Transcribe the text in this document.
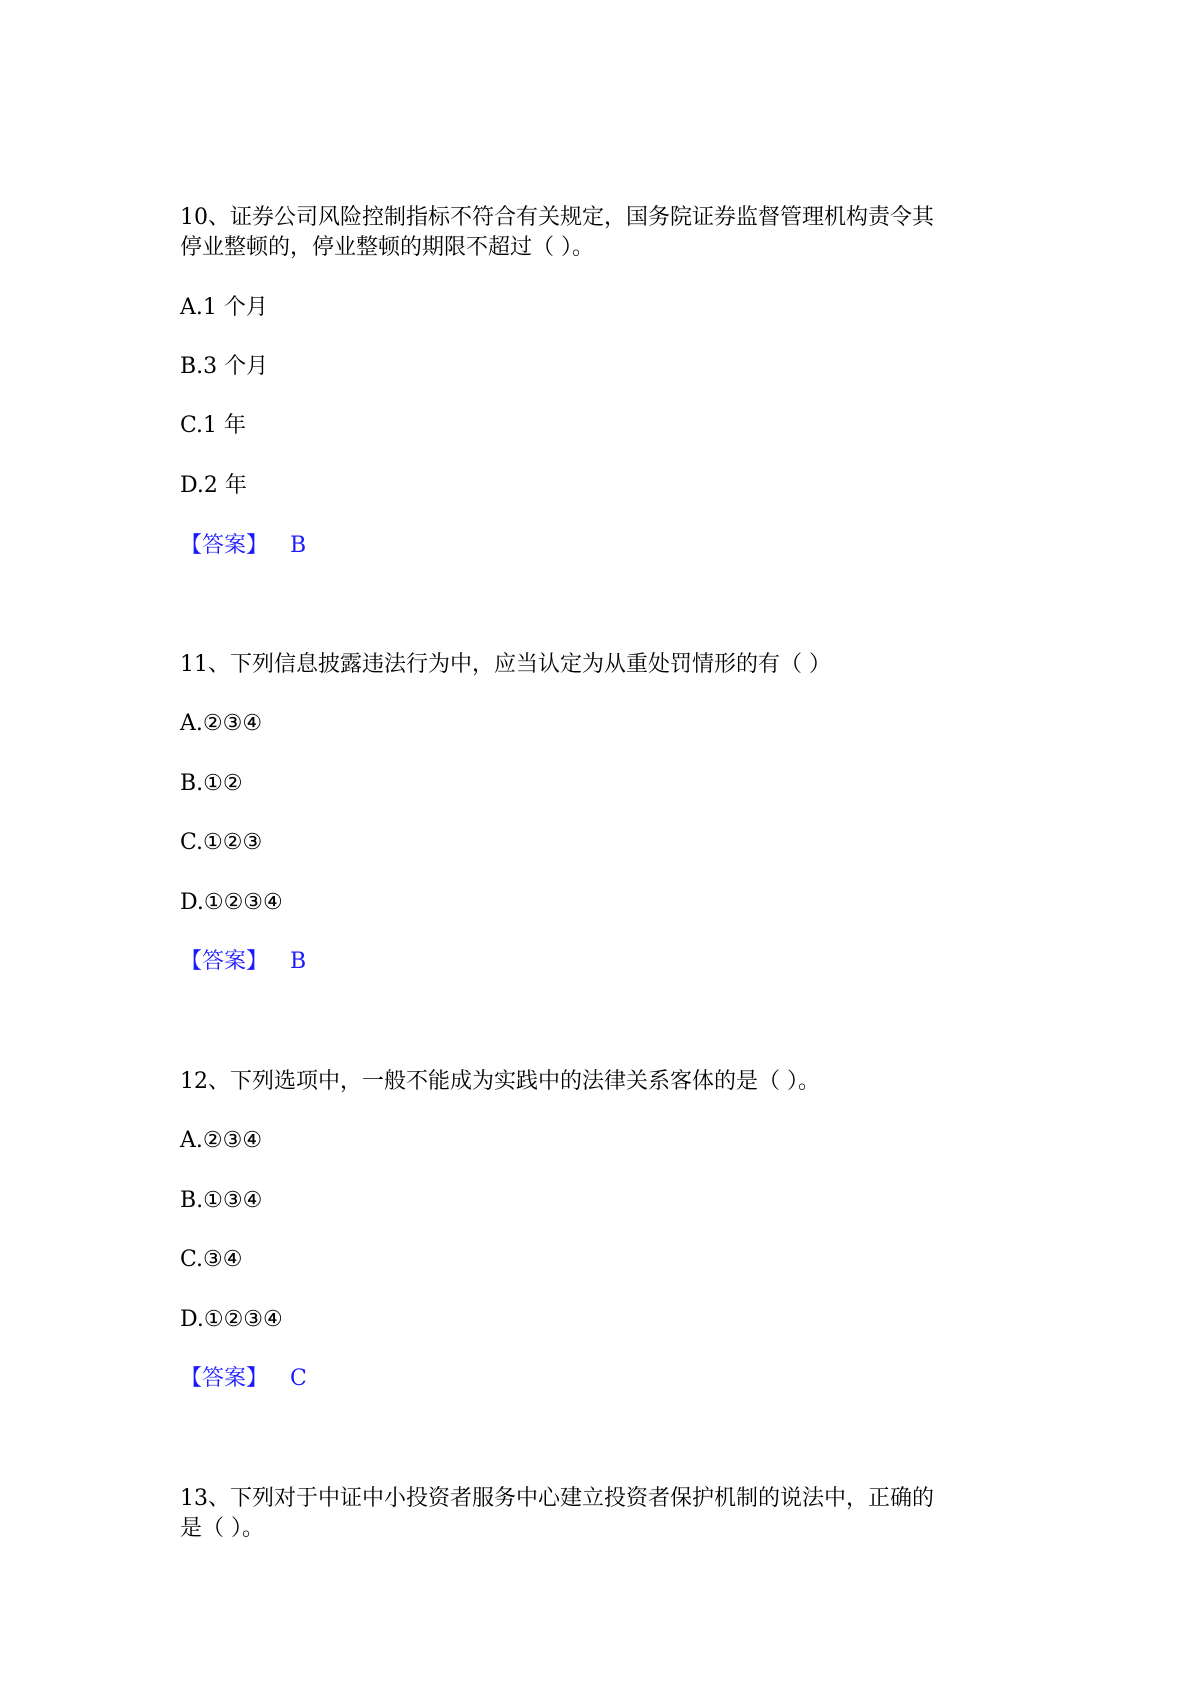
10、证券公司风险控制指标不符合有关规定，国务院证券监督管理机构责令其
停业整顿的，停业整顿的期限不超过（ ）。
A.1 个月
B.3 个月
C.1 年
D.2 年
【答案】 B
11、下列信息披露违法行为中，应当认定为从重处罚情形的有（ ）
A.②③④
B.①②
C.①②③
D.①②③④
【答案】 B
12、下列选项中，一般不能成为实践中的法律关系客体的是（ ）。
A.②③④
B.①③④
C.③④
D.①②③④
【答案】 C
13、下列对于中证中小投资者服务中心建立投资者保护机制的说法中，正确的
是（ ）。
